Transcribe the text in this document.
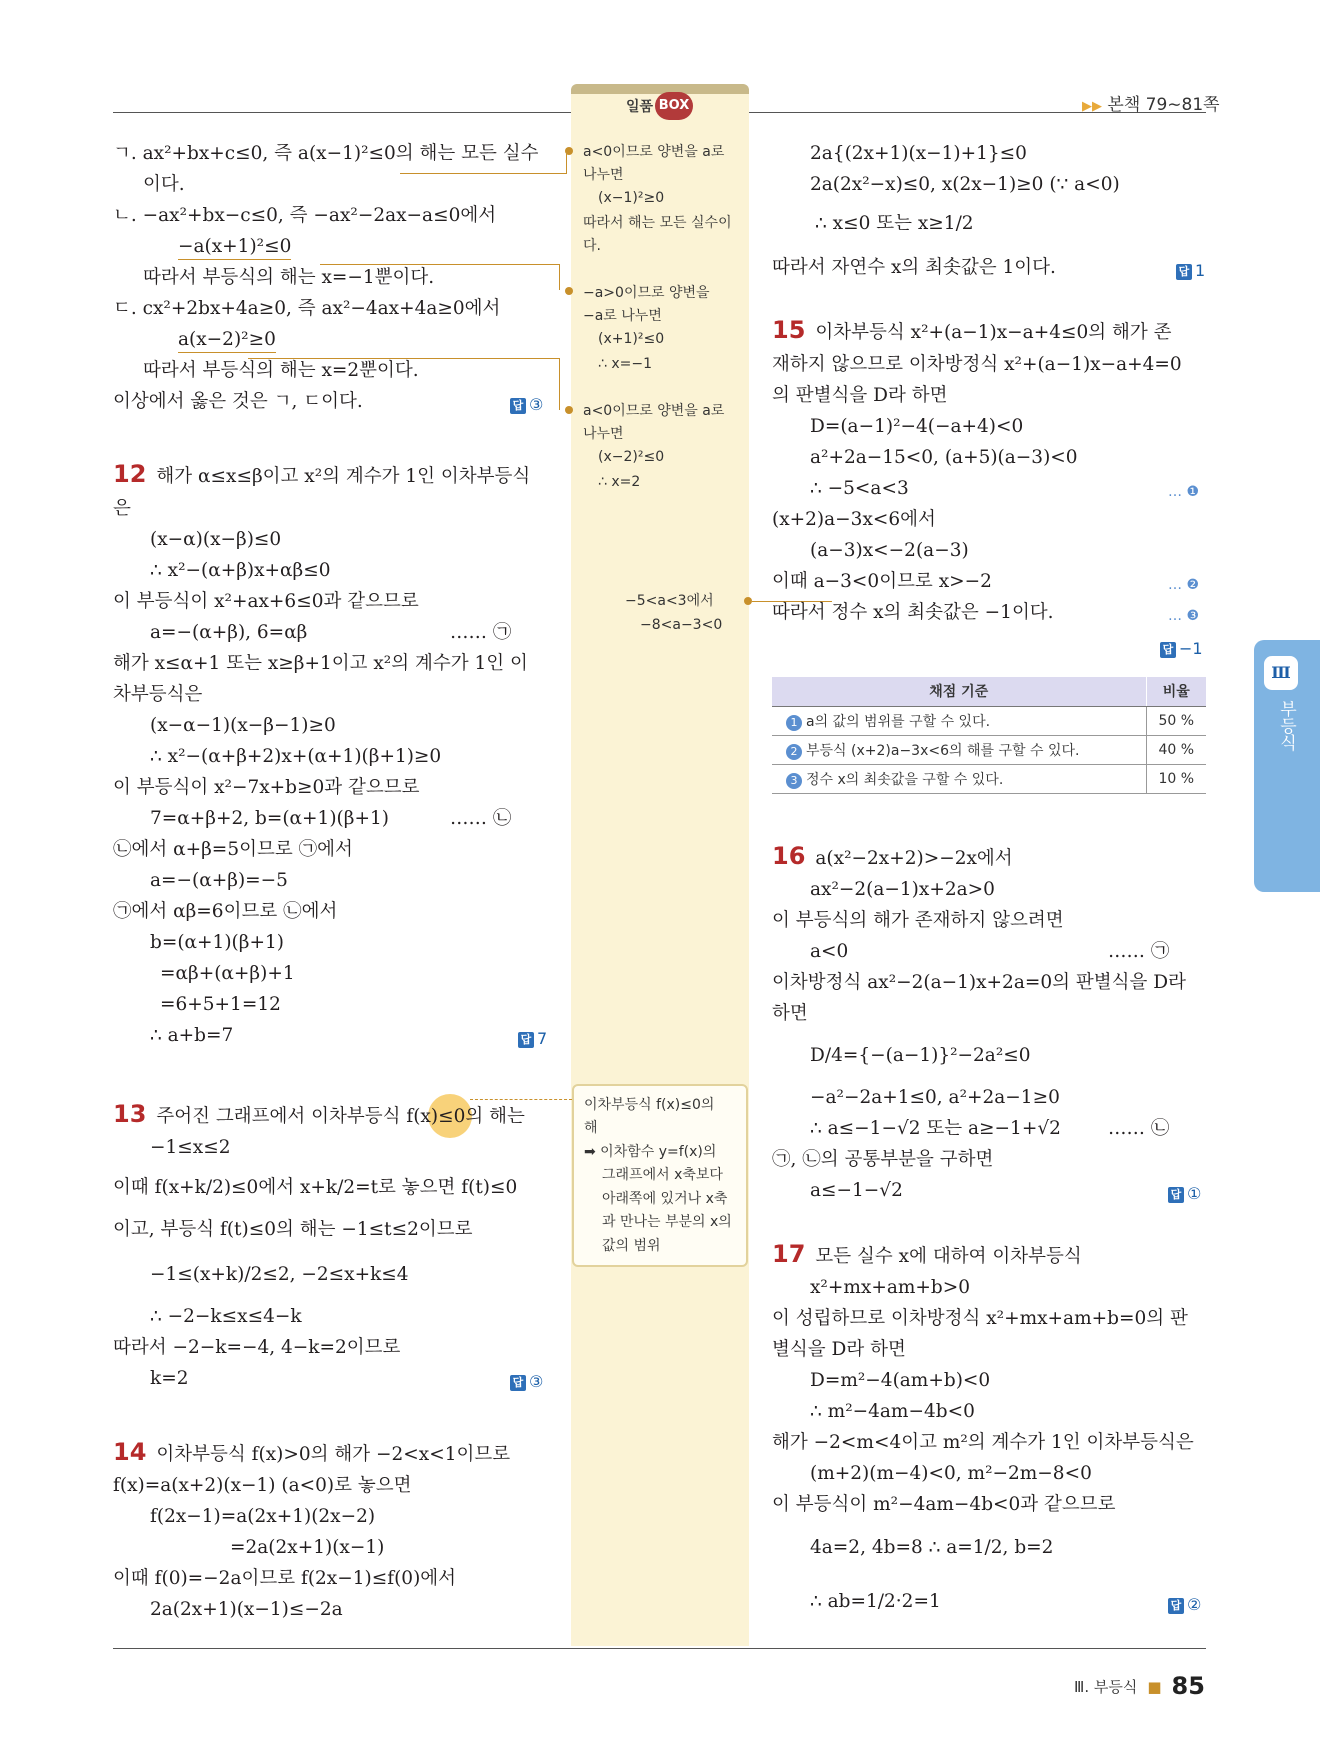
일품 BOX	▶▶ 본책 79∼81쪽
ㄱ. ax²+bx+c≤0, 즉 a(x−1)²≤0의 해는 모든 실수
이다.
ㄴ. −ax²+bx−c≤0, 즉 −ax²−2ax−a≤0에서
−a(x+1)²≤0
따라서 부등식의 해는 x=−1뿐이다.
ㄷ. cx²+2bx+4a≥0, 즉 ax²−4ax+4a≥0에서
a(x−2)²≥0
따라서 부등식의 해는 x=2뿐이다.
이상에서 옳은 것은 ㄱ, ㄷ이다.	답 ③
12 해가 α≤x≤β이고 x²의 계수가 1인 이차부등식
은
(x−α)(x−β)≤0
∴ x²−(α+β)x+αβ≤0
이 부등식이 x²+ax+6≤0과 같으므로
a=−(α+β), 6=αβ	…… ㉠
해가 x≤α+1 또는 x≥β+1이고 x²의 계수가 1인 이
차부등식은
(x−α−1)(x−β−1)≥0
∴ x²−(α+β+2)x+(α+1)(β+1)≥0
이 부등식이 x²−7x+b≥0과 같으므로
7=α+β+2, b=(α+1)(β+1)	…… ㉡
㉡에서 α+β=5이므로 ㉠에서
a=−(α+β)=−5
㉠에서 αβ=6이므로 ㉡에서
b=(α+1)(β+1)
=αβ+(α+β)+1
=6+5+1=12
∴ a+b=7	답 7
13 주어진 그래프에서 이차부등식 f(x)≤0의 해는
−1≤x≤2
이때 f(x+k/2)≤0에서 x+k/2=t로 놓으면 f(t)≤0
이고, 부등식 f(t)≤0의 해는 −1≤t≤2이므로
−1≤(x+k)/2≤2, −2≤x+k≤4
∴ −2−k≤x≤4−k
따라서 −2−k=−4, 4−k=2이므로
k=2	답 ③
14 이차부등식 f(x)>0의 해가 −2<x<1이므로
f(x)=a(x+2)(x−1) (a<0)로 놓으면
f(2x−1)=a(2x+1)(2x−2)
=2a(2x+1)(x−1)
이때 f(0)=−2a이므로 f(2x−1)≤f(0)에서
2a(2x+1)(x−1)≤−2a
a<0이므로 양변을 a로
나누면
(x−1)²≥0
따라서 해는 모든 실수이
다.
−a>0이므로 양변을
−a로 나누면
(x+1)²≤0
∴ x=−1
a<0이므로 양변을 a로
나누면
(x−2)²≤0
∴ x=2
−5<a<3에서
−8<a−3<0
이차부등식 f(x)≤0의
해
➡ 이차함수 y=f(x)의
그래프에서 x축보다
아래쪽에 있거나 x축
과 만나는 부분의 x의
값의 범위
2a{(2x+1)(x−1)+1}≤0
2a(2x²−x)≤0, x(2x−1)≥0 (∵ a<0)
∴ x≤0 또는 x≥1/2
따라서 자연수 x의 최솟값은 1이다.	답 1
15 이차부등식 x²+(a−1)x−a+4≤0의 해가 존
재하지 않으므로 이차방정식 x²+(a−1)x−a+4=0
의 판별식을 D라 하면
D=(a−1)²−4(−a+4)<0
a²+2a−15<0, (a+5)(a−3)<0
∴ −5<a<3	… ❶
(x+2)a−3x<6에서
(a−3)x<−2(a−3)
이때 a−3<0이므로 x>−2	… ❷
따라서 정수 x의 최솟값은 −1이다.	… ❸
답 −1
채점 기준	비율
1 a의 값의 범위를 구할 수 있다.	50 %
2 부등식 (x+2)a−3x<6의 해를 구할 수 있다.	40 %
3 정수 x의 최솟값을 구할 수 있다.	10 %
16 a(x²−2x+2)>−2x에서
ax²−2(a−1)x+2a>0
이 부등식의 해가 존재하지 않으려면
a<0	…… ㉠
이차방정식 ax²−2(a−1)x+2a=0의 판별식을 D라
하면
D/4={−(a−1)}²−2a²≤0
−a²−2a+1≤0, a²+2a−1≥0
∴ a≤−1−√2 또는 a≥−1+√2	…… ㉡
㉠, ㉡의 공통부분을 구하면
a≤−1−√2	답 ①
17 모든 실수 x에 대하여 이차부등식
x²+mx+am+b>0
이 성립하므로 이차방정식 x²+mx+am+b=0의 판
별식을 D라 하면
D=m²−4(am+b)<0
∴ m²−4am−4b<0
해가 −2<m<4이고 m²의 계수가 1인 이차부등식은
(m+2)(m−4)<0, m²−2m−8<0
이 부등식이 m²−4am−4b<0과 같으므로
4a=2, 4b=8 ∴ a=1/2, b=2
∴ ab=1/2·2=1	답 ②
Ⅲ
부등식
Ⅲ. 부등식 ■ 85
